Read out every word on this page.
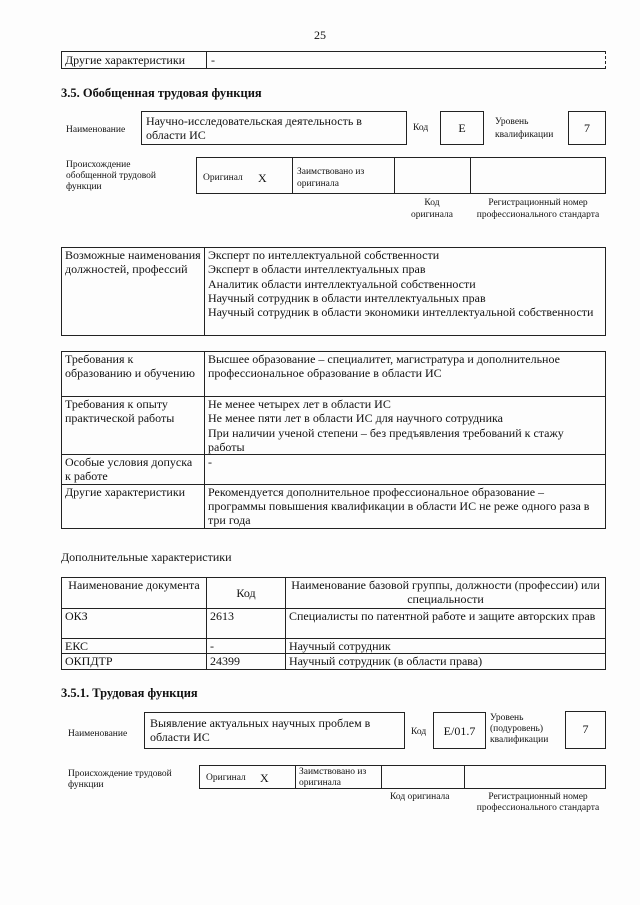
25
Другие характеристики -
3.5. Обобщенная трудовая функция
Наименование
Научно-исследовательская деятельность в области ИС	Код	E	Уровень квалификации	7
Происхождение обобщенной трудовой функции
Оригинал Х	Заимствовано из оригинала
Код оригинала
Регистрационный номер профессионального стандарта
Возможные наименования должностей, профессий	
Эксперт по интеллектуальной собственности
Эксперт в области интеллектуальных прав
Аналитик области интеллектуальной собственности
Научный сотрудник в области интеллектуальных прав
Научный сотрудник в области экономики интеллектуальной собственности
Требования к образованию и обучению	Высшее образование – специалитет, магистратура и дополнительное профессиональное образование в области ИС
Требования к опыту практической работы	Не менее четырех лет в области ИС
Не менее пяти лет в области ИС для научного сотрудника
При наличии ученой степени – без предъявления требований к стажу работы
Особые условия допуска к работе	-
Другие характеристики	Рекомендуется дополнительное профессиональное образование – программы повышения квалификации в области ИС не реже одного раза в три года
Дополнительные характеристики
Наименование документа	Код	Наименование базовой группы, должности (профессии) или специальности
ОКЗ	2613	Специалисты по патентной работе и защите авторских прав
ЕКС	-	Научный сотрудник
ОКПДТР	24399	Научный сотрудник (в области права)
3.5.1. Трудовая функция
Наименование
Выявление актуальных научных проблем в области ИС	Код	E/01.7
Уровень (подуровень) квалификации
7
Происхождение трудовой функции
Оригинал Х	Заимствовано из оригинала
Код оригинала	Регистрационный номер профессионального стандарта
